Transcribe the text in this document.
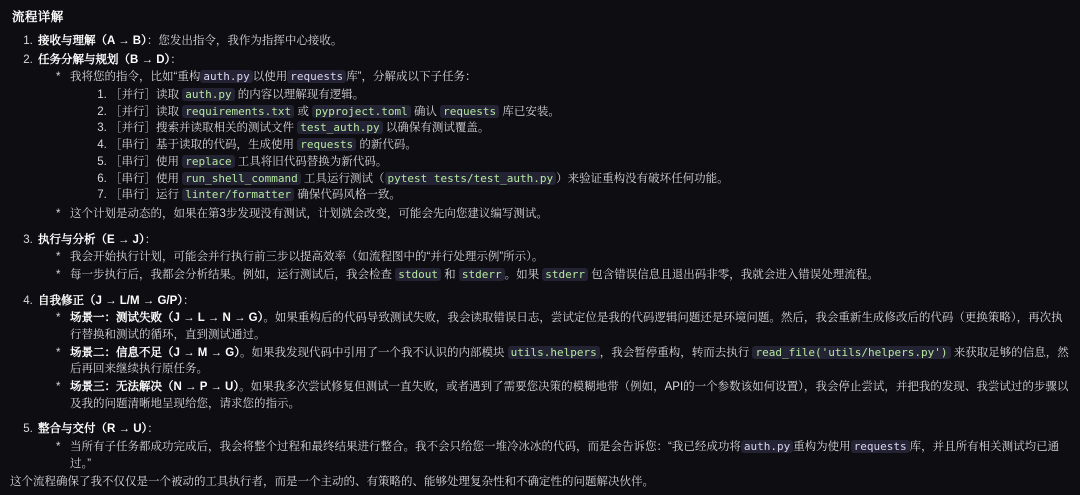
流程详解
1. 接收与理解（A → B）：您发出指令，我作为指挥中心接收。
2. 任务分解与规划（B → D）：
* 我将您的指令，比如“重构 auth.py 以使用 requests 库”，分解成以下子任务：
1. ［并行］读取 auth.py 的内容以理解现有逻辑。
2. ［并行］读取 requirements.txt 或 pyproject.toml 确认 requests 库已安装。
3. ［并行］搜索并读取相关的测试文件 test_auth.py 以确保有测试覆盖。
4. ［串行］基于读取的代码，生成使用 requests 的新代码。
5. ［串行］使用 replace 工具将旧代码替换为新代码。
6. ［串行］使用 run_shell_command 工具运行测试（ pytest tests/test_auth.py ）来验证重构没有破坏任何功能。
7. ［串行］运行 linter/formatter 确保代码风格一致。
* 这个计划是动态的，如果在第3步发现没有测试，计划就会改变，可能会先向您建议编写测试。
3. 执行与分析（E → J）：
* 我会开始执行计划，可能会并行执行前三步以提高效率（如流程图中的“并行处理示例”所示）。
* 每一步执行后，我都会分析结果。例如，运行测试后，我会检查 stdout 和 stderr 。如果 stderr 包含错误信息且退出码非零，我就会进入错误处理流程。
4. 自我修正（J → L/M → G/P）：
* 场景一：测试失败（J → L → N → G）。如果重构后的代码导致测试失败，我会读取错误日志，尝试定位是我的代码逻辑问题还是环境问题。然后，我会重新生成修改后的代码（更换策略），再次执行替换和测试的循环，直到测试通过。
* 场景二：信息不足（J → M → G）。如果我发现代码中引用了一个我不认识的内部模块 utils.helpers ，我会暂停重构，转而去执行 read_file('utils/helpers.py') 来获取足够的信息，然后再回来继续执行原任务。
* 场景三：无法解决（N → P → U）。如果我多次尝试修复但测试一直失败，或者遇到了需要您决策的模糊地带（例如，API的一个参数该如何设置），我会停止尝试，并把我的发现、我尝试过的步骤以及我的问题清晰地呈现给您，请求您的指示。
5. 整合与交付（R → U）：
* 当所有子任务都成功完成后，我会将整个过程和最终结果进行整合。我不会只给您一堆冷冰冰的代码，而是会告诉您：“我已经成功将 auth.py 重构为使用 requests 库，并且所有相关测试均已通过。”

这个流程确保了我不仅仅是一个被动的工具执行者，而是一个主动的、有策略的、能够处理复杂性和不确定性的问题解决伙伴。
